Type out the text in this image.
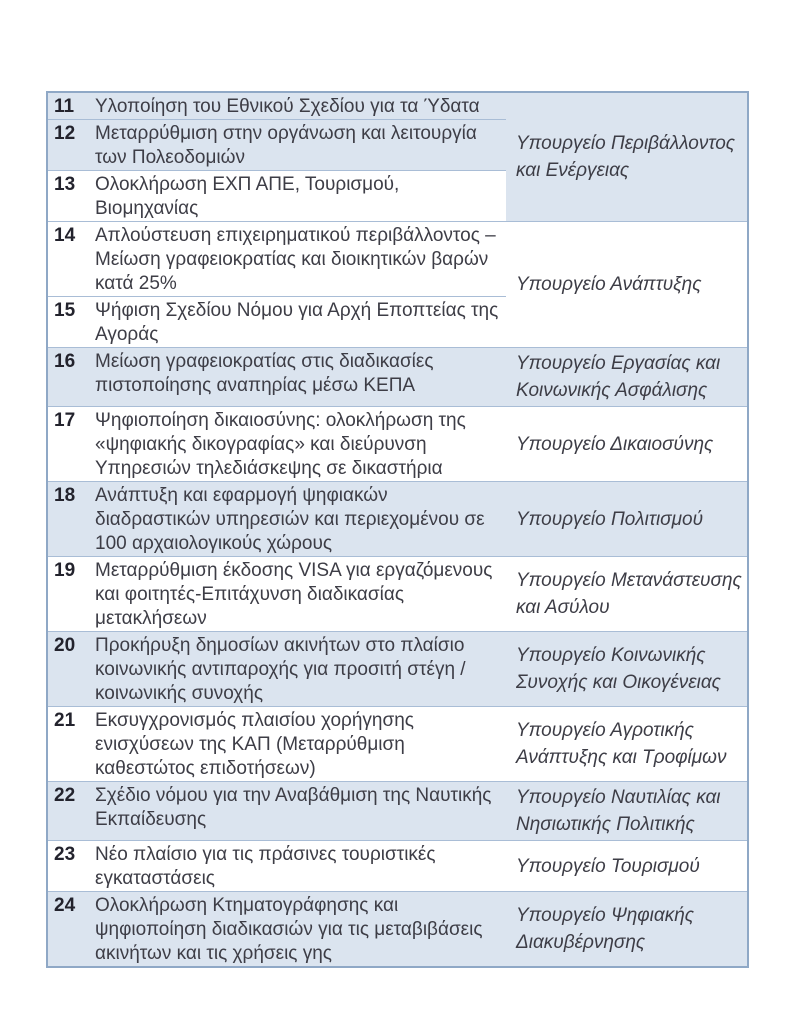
11	Υλοποίηση του Εθνικού Σχεδίου για τα Ύδατα	Υπουργείο Περιβάλλοντος και Ενέργειας
12	Μεταρρύθμιση στην οργάνωση και λειτουργία των Πολεοδομιών	
13	Ολοκλήρωση ΕΧΠ ΑΠΕ, Τουρισμού, Βιομηχανίας	
14	Απλούστευση επιχειρηματικού περιβάλλοντος – Μείωση γραφειοκρατίας και διοικητικών βαρών κατά 25%	Υπουργείο Ανάπτυξης
15	Ψήφιση Σχεδίου Νόμου για Αρχή Εποπτείας της Αγοράς	
16	Μείωση γραφειοκρατίας στις διαδικασίες πιστοποίησης αναπηρίας μέσω ΚΕΠΑ	Υπουργείο Εργασίας και Κοινωνικής Ασφάλισης
17	Ψηφιοποίηση δικαιοσύνης: ολοκλήρωση της «ψηφιακής δικογραφίας» και διεύρυνση Υπηρεσιών τηλεδιάσκεψης σε δικαστήρια	Υπουργείο Δικαιοσύνης
18	Ανάπτυξη και εφαρμογή ψηφιακών διαδραστικών υπηρεσιών και περιεχομένου σε 100 αρχαιολογικούς χώρους	Υπουργείο Πολιτισμού
19	Μεταρρύθμιση έκδοσης VISA για εργαζόμενους και φοιτητές-Επιτάχυνση διαδικασίας μετακλήσεων	Υπουργείο Μετανάστευσης και Ασύλου
20	Προκήρυξη δημοσίων ακινήτων στο πλαίσιο κοινωνικής αντιπαροχής για προσιτή στέγη / κοινωνικής συνοχής	Υπουργείο Κοινωνικής Συνοχής και Οικογένειας
21	Εκσυγχρονισμός πλαισίου χορήγησης ενισχύσεων της ΚΑΠ (Μεταρρύθμιση καθεστώτος επιδοτήσεων)	Υπουργείο Αγροτικής Ανάπτυξης και Τροφίμων
22	Σχέδιο νόμου για την Αναβάθμιση της Ναυτικής Εκπαίδευσης	Υπουργείο Ναυτιλίας και Νησιωτικής Πολιτικής
23	Νέο πλαίσιο για τις πράσινες τουριστικές εγκαταστάσεις	Υπουργείο Τουρισμού
24	Ολοκλήρωση Κτηματογράφησης και ψηφιοποίηση διαδικασιών για τις μεταβιβάσεις ακινήτων και τις χρήσεις γης	Υπουργείο Ψηφιακής Διακυβέρνησης
